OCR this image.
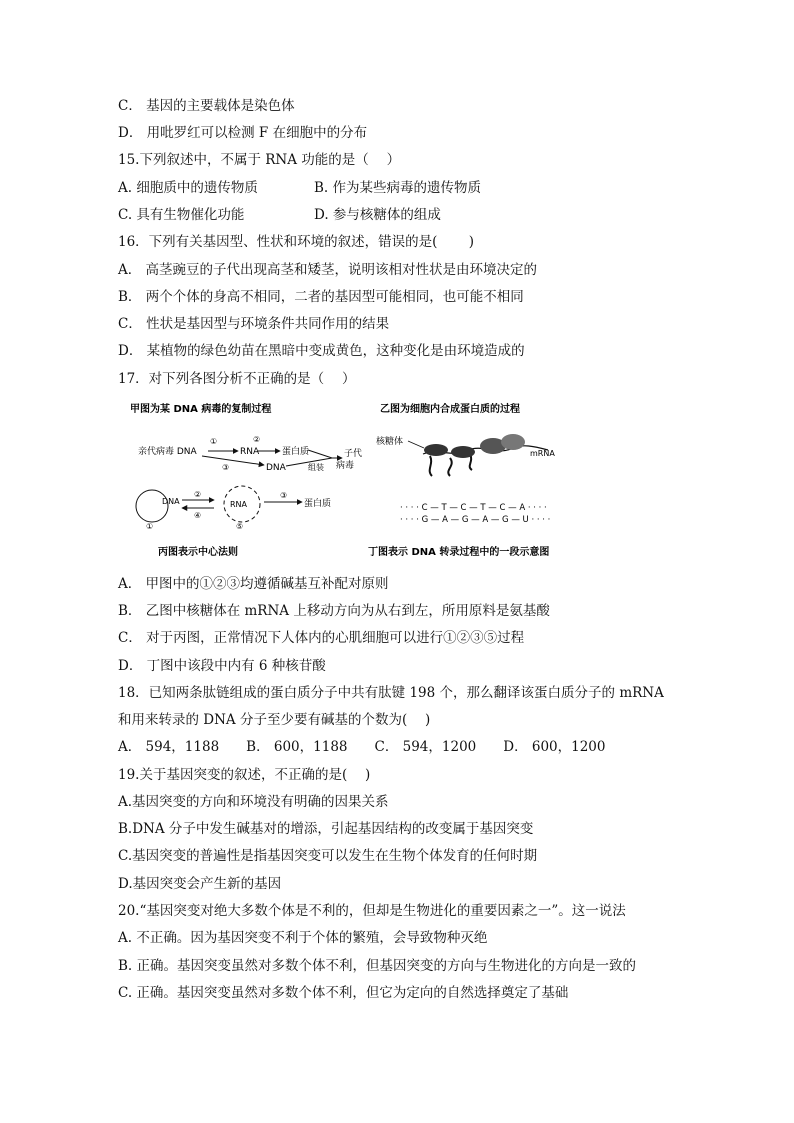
C． 基因的主要载体是染色体
D． 用吡罗红可以检测 F 在细胞中的分布
15.下列叙述中，不属于 RNA 功能的是（　 ）
A. 细胞质中的遗传物质	B. 作为某些病毒的遗传物质
C. 具有生物催化功能	D. 参与核糖体的组成
16．下列有关基因型、性状和环境的叙述，错误的是(　　 )
A． 高茎豌豆的子代出现高茎和矮茎，说明该相对性状是由环境决定的
B． 两个个体的身高不相同，二者的基因型可能相同，也可能不相同
C． 性状是基因型与环境条件共同作用的结果
D． 某植物的绿色幼苗在黑暗中变成黄色，这种变化是由环境造成的
17．对下列各图分析不正确的是（　 ）
甲图为某 DNA 病毒的复制过程	乙图为细胞内合成蛋白质的过程
丙图表示中心法则	丁图表示 DNA 转录过程中的一段示意图
亲代病毒 DNA
①
RNA
②
蛋白质
③	DNA
子代
组装 病毒
核糖体
mRNA
①
DNA
②
④
⑤
RNA
③
蛋白质	· · · · C — T — C — T — C — A · · · ·
· · · · G — A — G — A — G — U · · · ·
A． 甲图中的①②③均遵循碱基互补配对原则
B． 乙图中核糖体在 mRNA 上移动方向为从右到左，所用原料是氨基酸
C． 对于丙图，正常情况下人体内的心肌细胞可以进行①②③⑤过程
D． 丁图中该段中内有 6 种核苷酸
18．已知两条肽链组成的蛋白质分子中共有肽键 198 个，那么翻译该蛋白质分子的 mRNA
和用来转录的 DNA 分子至少要有碱基的个数为(　 )
A． 594，1188　　B． 600，1188　　C． 594，1200　　D． 600，1200
19.关于基因突变的叙述，不正确的是(　 )
A.基因突变的方向和环境没有明确的因果关系
B.DNA 分子中发生碱基对的增添，引起基因结构的改变属于基因突变
C.基因突变的普遍性是指基因突变可以发生在生物个体发育的任何时期
D.基因突变会产生新的基因
20.“基因突变对绝大多数个体是不利的，但却是生物进化的重要因素之一”。这一说法
A. 不正确。因为基因突变不利于个体的繁殖，会导致物种灭绝
B. 正确。基因突变虽然对多数个体不利，但基因突变的方向与生物进化的方向是一致的
C. 正确。基因突变虽然对多数个体不利，但它为定向的自然选择奠定了基础
